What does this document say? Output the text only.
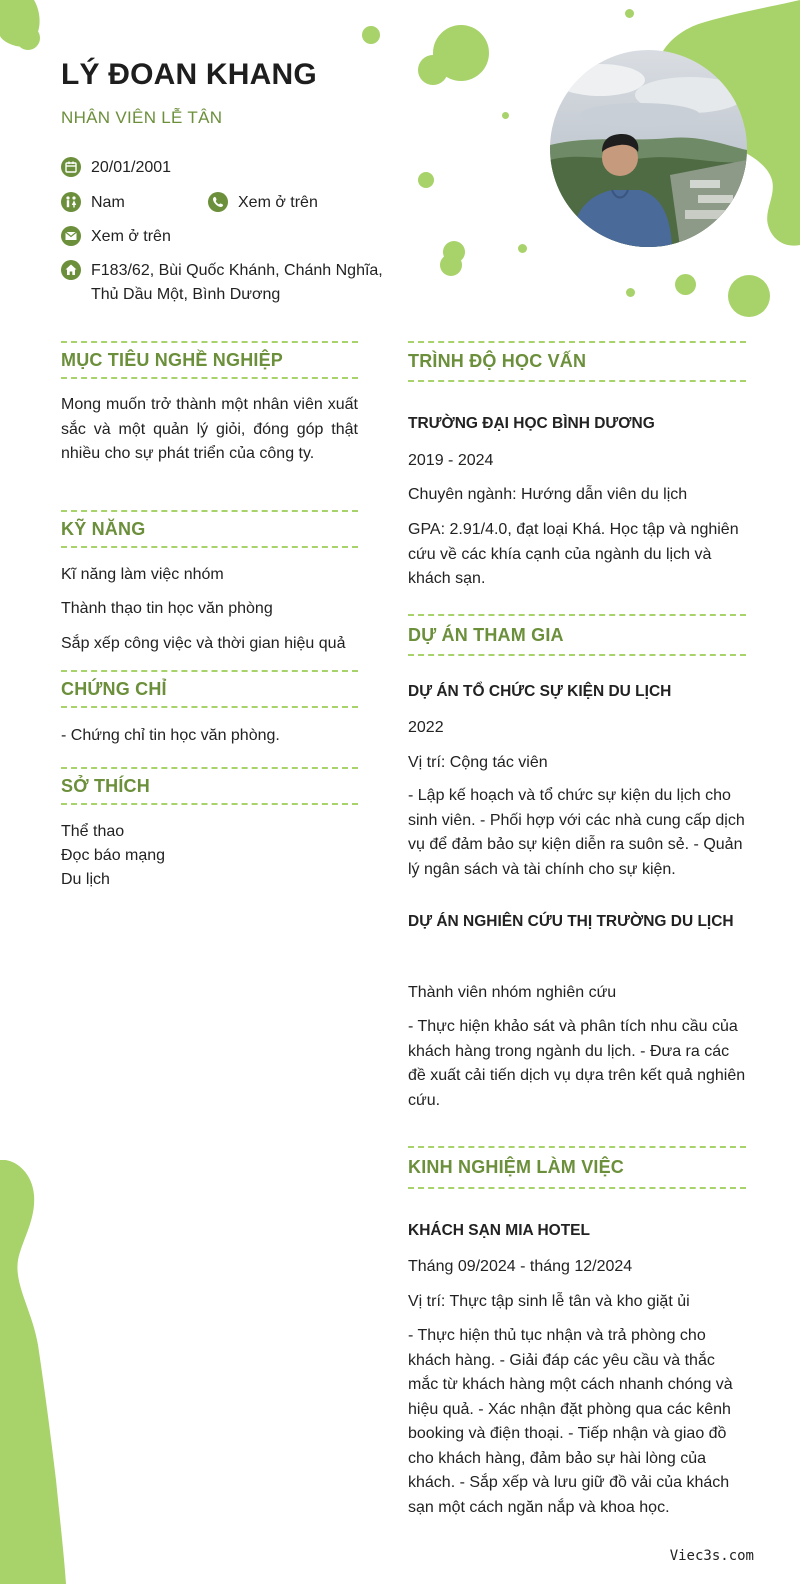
LÝ ĐOAN KHANG
NHÂN VIÊN LỄ TÂN
20/01/2001
Nam	Xem ở trên
Xem ở trên
F183/62, Bùi Quốc Khánh, Chánh Nghĩa, Thủ Dầu Một, Bình Dương
MỤC TIÊU NGHỀ NGHIỆP
Mong muốn trở thành một nhân viên xuất sắc và một quản lý giỏi, đóng góp thật nhiều cho sự phát triển của công ty.
KỸ NĂNG
Kĩ năng làm việc nhóm
Thành thạo tin học văn phòng
Sắp xếp công việc và thời gian hiệu quả
CHỨNG CHỈ
- Chứng chỉ tin học văn phòng.
SỞ THÍCH
Thể thao
Đọc báo mạng
Du lịch
TRÌNH ĐỘ HỌC VẤN
TRƯỜNG ĐẠI HỌC BÌNH DƯƠNG
2019 - 2024
Chuyên ngành: Hướng dẫn viên du lịch
GPA: 2.91/4.0, đạt loại Khá. Học tập và nghiên cứu về các khía cạnh của ngành du lịch và khách sạn.
DỰ ÁN THAM GIA
DỰ ÁN TỔ CHỨC SỰ KIỆN DU LỊCH
2022
Vị trí: Cộng tác viên
- Lập kế hoạch và tổ chức sự kiện du lịch cho sinh viên. - Phối hợp với các nhà cung cấp dịch vụ để đảm bảo sự kiện diễn ra suôn sẻ. - Quản lý ngân sách và tài chính cho sự kiện.
DỰ ÁN NGHIÊN CỨU THỊ TRƯỜNG DU LỊCH
Thành viên nhóm nghiên cứu
- Thực hiện khảo sát và phân tích nhu cầu của khách hàng trong ngành du lịch. - Đưa ra các đề xuất cải tiến dịch vụ dựa trên kết quả nghiên cứu.
KINH NGHIỆM LÀM VIỆC
KHÁCH SẠN MIA HOTEL
Tháng 09/2024 - tháng 12/2024
Vị trí: Thực tập sinh lễ tân và kho giặt ủi
- Thực hiện thủ tục nhận và trả phòng cho khách hàng. - Giải đáp các yêu cầu và thắc mắc từ khách hàng một cách nhanh chóng và hiệu quả. - Xác nhận đặt phòng qua các kênh booking và điện thoại. - Tiếp nhận và giao đồ cho khách hàng, đảm bảo sự hài lòng của khách. - Sắp xếp và lưu giữ đồ vải của khách sạn một cách ngăn nắp và khoa học.
Viec3s.com
